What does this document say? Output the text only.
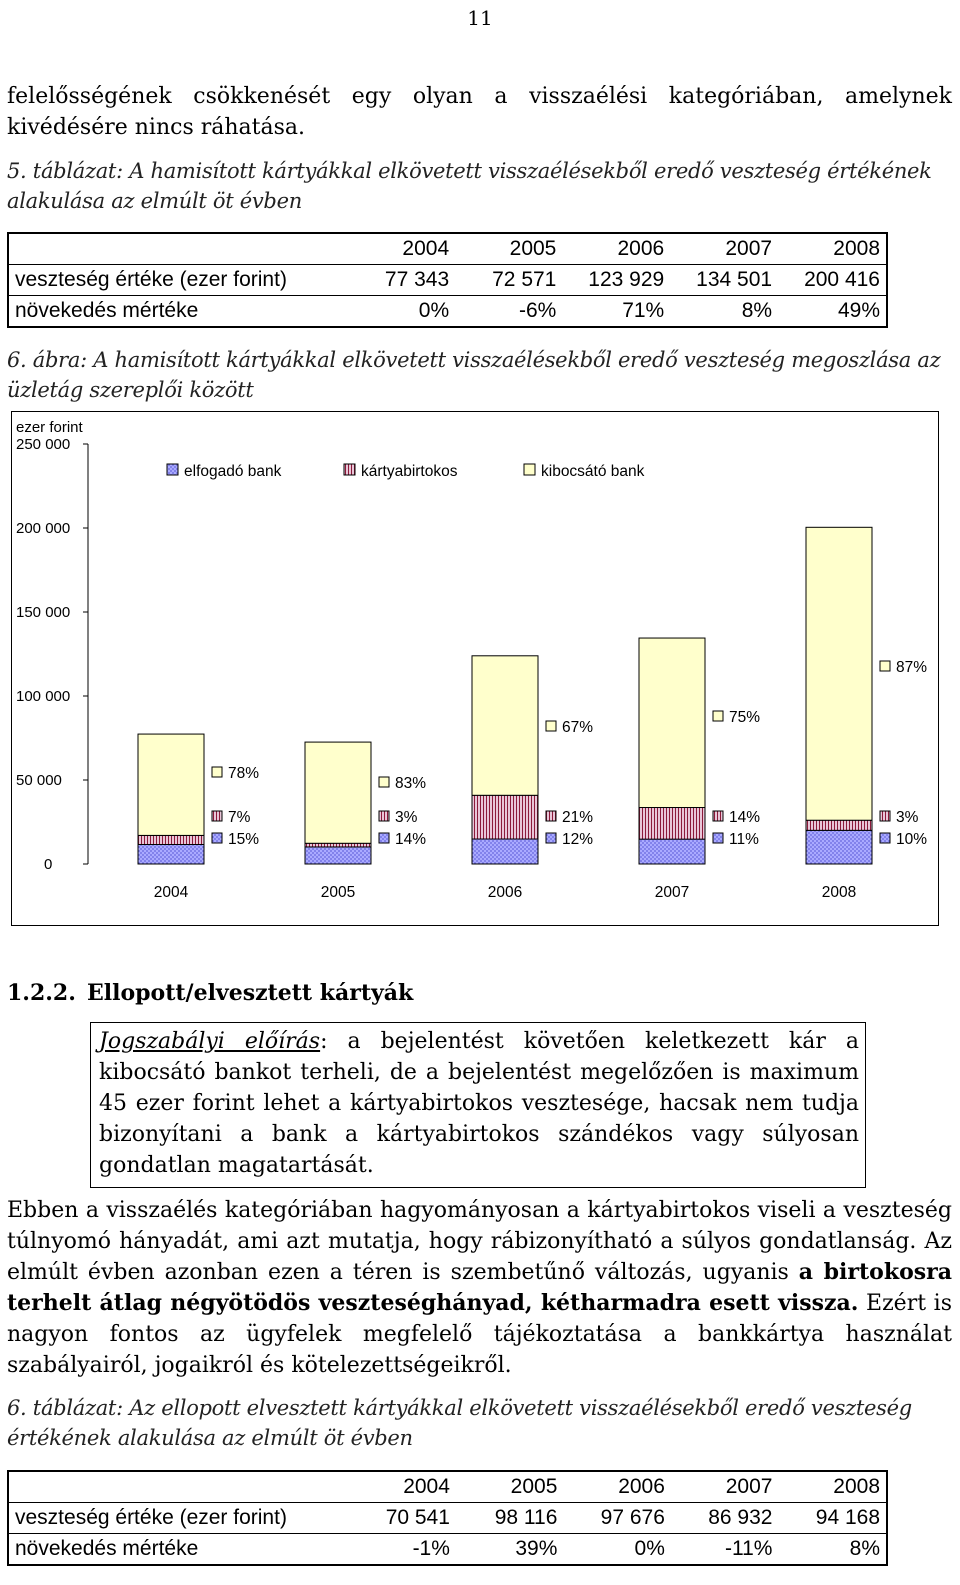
11
felelősségének csökkenését egy olyan a visszaélési kategóriában, amelynek kivédésére nincs ráhatása.
5. táblázat: A hamisított kártyákkal elkövetett visszaélésekből eredő veszteség értékének alakulása az elmúlt öt évben
	2004	2005	2006	2007	2008
veszteség értéke (ezer forint)	77 343	72 571	123 929	134 501	200 416
növekedés mértéke	0%	-6%	71%	8%	49%
6. ábra: A hamisított kártyákkal elkövetett visszaélésekből eredő veszteség megoszlása az üzletág szereplői között
ezer forint
0
50 000
100 000
150 000
200 000
250 000
elfogadó bank	kártyabirtokos	kibocsátó bank
2004
15%
7%
78%
2005
14%
3%
83%
2006
12%
21%
67%
2007
11%
14%
75%
2008
10%
3%
87%
1.2.2. Ellopott/elvesztett kártyák
Jogszabályi előírás: a bejelentést követően keletkezett kár a kibocsátó bankot terheli, de a bejelentést megelőzően is maximum 45 ezer forint lehet a kártyabirtokos vesztesége, hacsak nem tudja bizonyítani a bank a kártyabirtokos szándékos vagy súlyosan gondatlan magatartását.
Ebben a visszaélés kategóriában hagyományosan a kártyabirtokos viseli a veszteség túlnyomó hányadát, ami azt mutatja, hogy rábizonyítható a súlyos gondatlanság. Az elmúlt évben azonban ezen a téren is szembetűnő változás, ugyanis a birtokosra terhelt átlag négyötödös veszteséghányad, kétharmadra esett vissza. Ezért is nagyon fontos az ügyfelek megfelelő tájékoztatása a bankkártya használat szabályairól, jogaikról és kötelezettségeikről.
6. táblázat: Az ellopott elvesztett kártyákkal elkövetett visszaélésekből eredő veszteség értékének alakulása az elmúlt öt évben
	2004	2005	2006	2007	2008
veszteség értéke (ezer forint)	70 541	98 116	97 676	86 932	94 168
növekedés mértéke	-1%	39%	0%	-11%	8%
